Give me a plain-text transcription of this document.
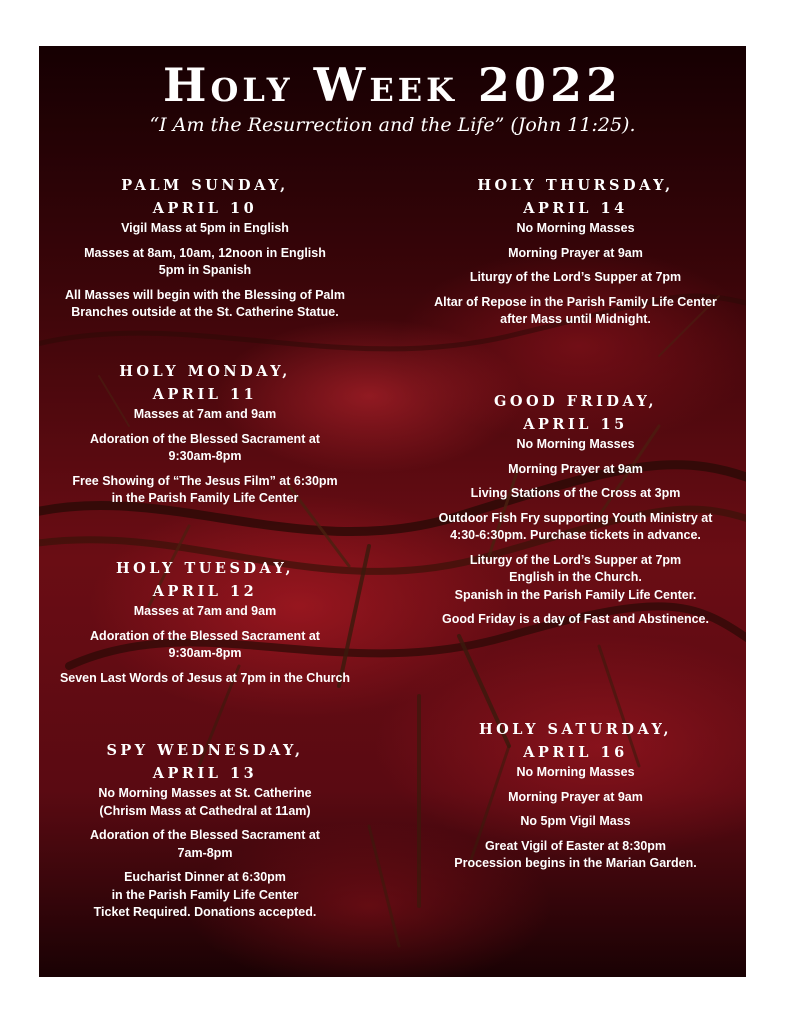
Holy Week 2022
“I Am the Resurrection and the Life” (John 11:25).
PALM SUNDAY,
APRIL 10

Vigil Mass at 5pm in English

Masses at 8am, 10am, 12noon in English

5pm in Spanish

All Masses will begin with the Blessing of Palm

Branches outside at the St. Catherine Statue.

HOLY MONDAY,
APRIL 11

Masses at 7am and 9am

Adoration of the Blessed Sacrament at

9:30am-8pm

Free Showing of “The Jesus Film” at 6:30pm

in the Parish Family Life Center

HOLY TUESDAY,
APRIL 12

Masses at 7am and 9am

Adoration of the Blessed Sacrament at

9:30am-8pm

Seven Last Words of Jesus at 7pm in the Church

SPY WEDNESDAY,
APRIL 13

No Morning Masses at St. Catherine

(Chrism Mass at Cathedral at 11am)

Adoration of the Blessed Sacrament at

7am-8pm

Eucharist Dinner at 6:30pm

in the Parish Family Life Center

Ticket Required. Donations accepted.

HOLY THURSDAY,
APRIL 14

No Morning Masses

Morning Prayer at 9am

Liturgy of the Lord’s Supper at 7pm

Altar of Repose in the Parish Family Life Center

after Mass until Midnight.

GOOD FRIDAY,
APRIL 15

No Morning Masses

Morning Prayer at 9am

Living Stations of the Cross at 3pm

Outdoor Fish Fry supporting Youth Ministry at

4:30-6:30pm. Purchase tickets in advance.

Liturgy of the Lord’s Supper at 7pm

English in the Church.

Spanish in the Parish Family Life Center.

Good Friday is a day of Fast and Abstinence.

HOLY SATURDAY,
APRIL 16

No Morning Masses

Morning Prayer at 9am

No 5pm Vigil Mass

Great Vigil of Easter at 8:30pm

Procession begins in the Marian Garden.
